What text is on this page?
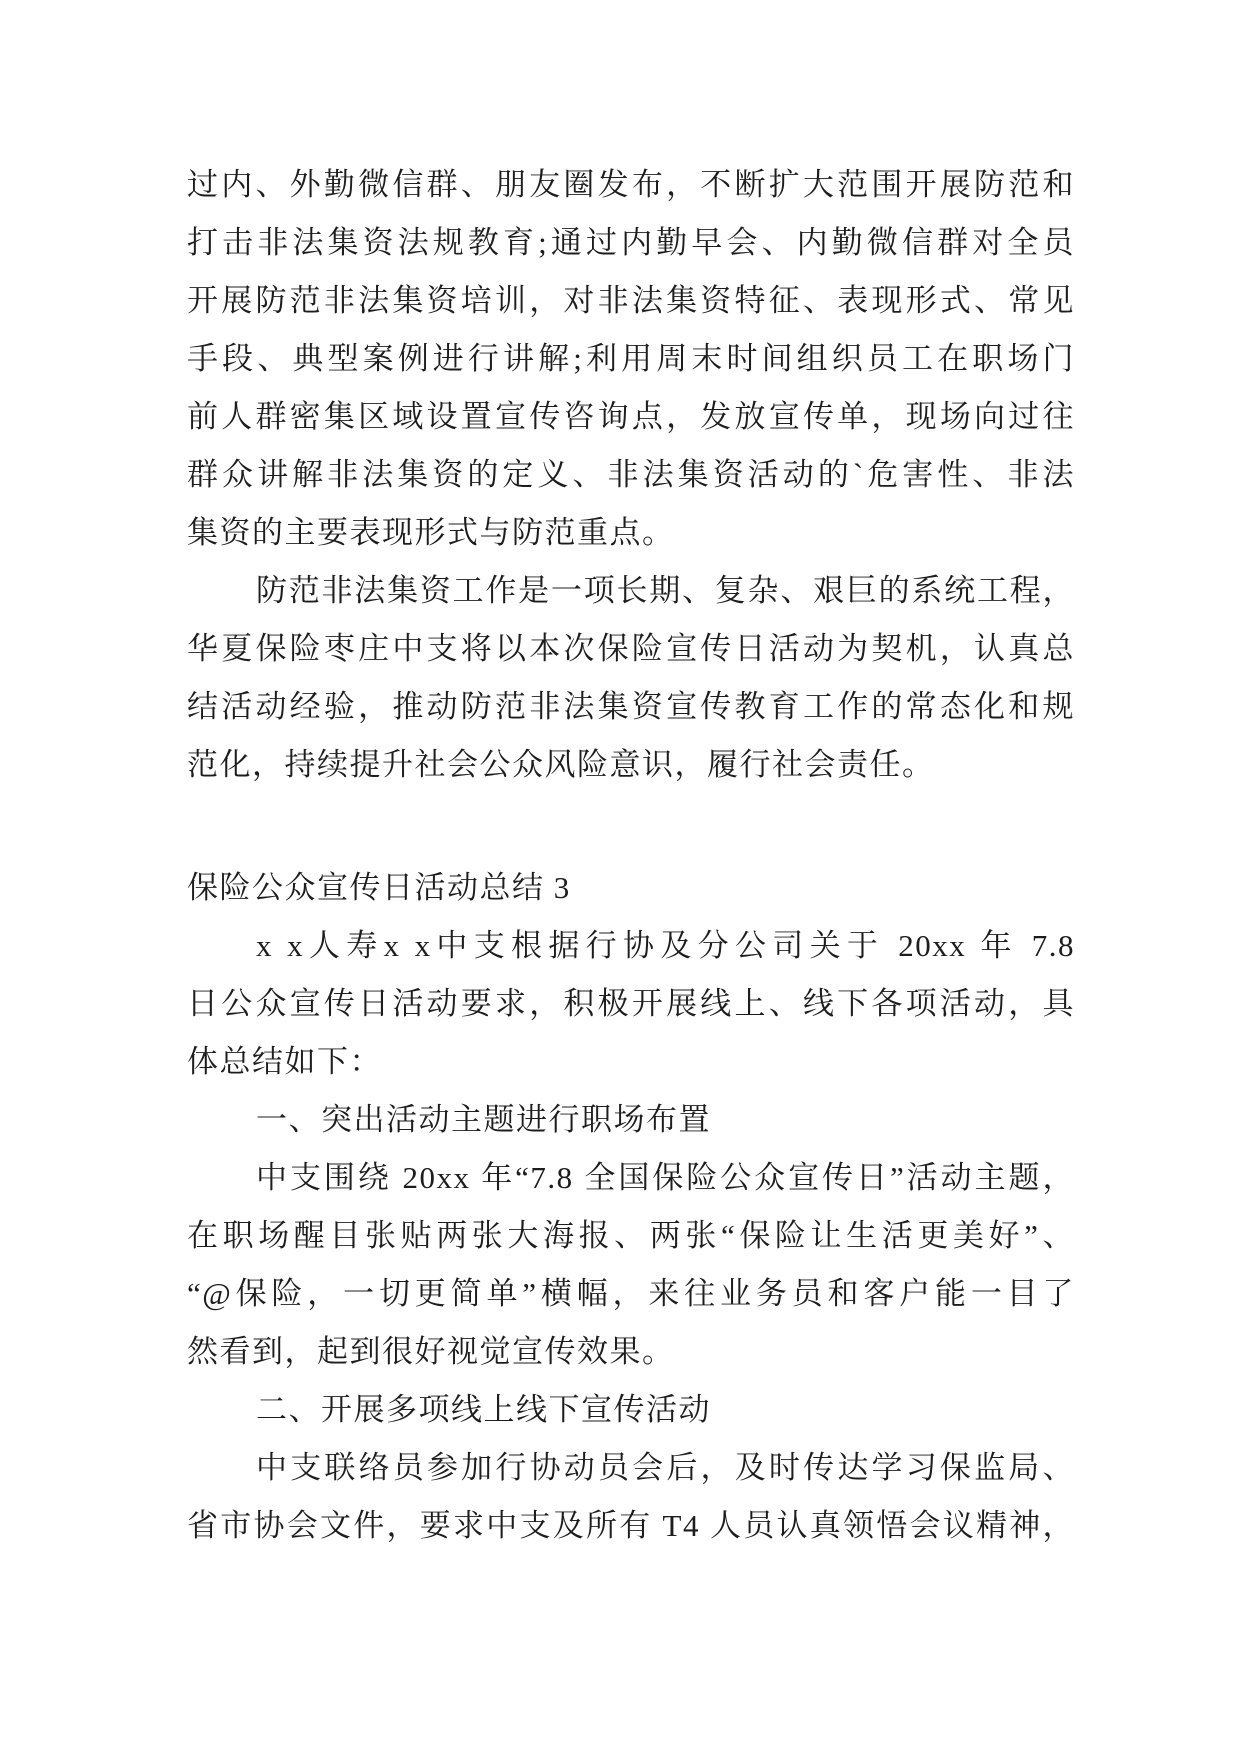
过内、外勤微信群、朋友圈发布，不断扩大范围开展防范和
打击非法集资法规教育;通过内勤早会、内勤微信群对全员
开展防范非法集资培训，对非法集资特征、表现形式、常见
手段、典型案例进行讲解;利用周末时间组织员工在职场门
前人群密集区域设置宣传咨询点，发放宣传单，现场向过往
群众讲解非法集资的定义、非法集资活动的`危害性、非法
集资的主要表现形式与防范重点。
防范非法集资工作是一项长期、复杂、艰巨的系统工程，
华夏保险枣庄中支将以本次保险宣传日活动为契机，认真总
结活动经验，推动防范非法集资宣传教育工作的常态化和规
范化，持续提升社会公众风险意识，履行社会责任。
保险公众宣传日活动总结 3
x x人寿x x中支根据行协及分公司关于 20xx 年 7.8
日公众宣传日活动要求，积极开展线上、线下各项活动，具
体总结如下：
一、突出活动主题进行职场布置
中支围绕 20xx 年“7.8 全国保险公众宣传日”活动主题，
在职场醒目张贴两张大海报、两张“保险让生活更美好”、
“@保险，一切更简单”横幅，来往业务员和客户能一目了
然看到，起到很好视觉宣传效果。
二、开展多项线上线下宣传活动
中支联络员参加行协动员会后，及时传达学习保监局、
省市协会文件，要求中支及所有 T4 人员认真领悟会议精神，
